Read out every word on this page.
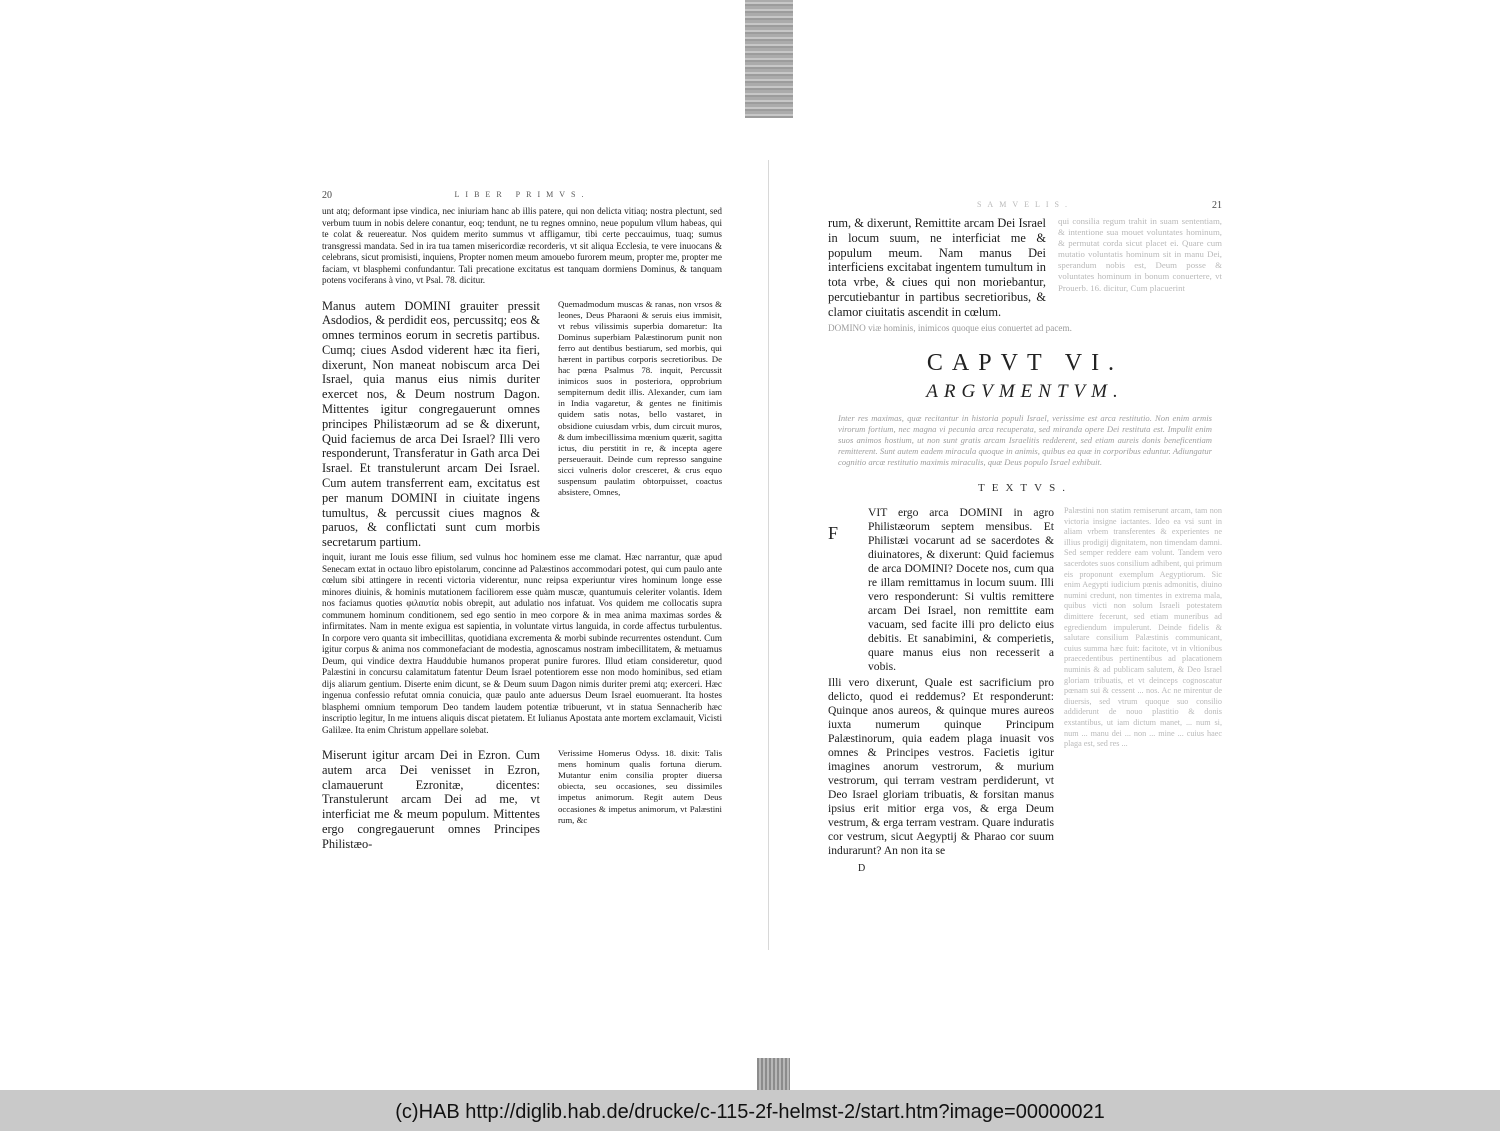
20	LIBER PRIMVS.

unt atq; deformant ipse vindica, nec iniuriam hanc ab illis patere, qui non delicta vitiaq; nostra plectunt, sed verbum tuum in nobis delere conantur, eoq; tendunt, ne tu regnes omnino, neue populum vllum habeas, qui te colat & reuereatur. Nos quidem merito summus vt affligamur, tibi certe peccauimus, tuaq; sumus transgressi mandata. Sed in ira tua tamen misericordiæ recorderis, vt sit aliqua Ecclesia, te vere inuocans & celebrans, sicut promisisti, inquiens, Propter nomen meum amouebo furorem meum, propter me, propter me faciam, vt blasphemi confundantur. Tali precatione excitatus est tanquam dormiens Dominus, & tanquam potens vociferans à vino, vt Psal. 78. dicitur.

Manus autem DOMINI grauiter pressit Asdodios, & perdidit eos, percussitq; eos & omnes terminos eorum in secretis partibus. Cumq; ciues Asdod viderent hæc ita fieri, dixerunt, Non maneat nobiscum arca Dei Israel, quia manus eius nimis duriter exercet nos, & Deum nostrum Dagon. Mittentes igitur congregauerunt omnes principes Philistæorum ad se & dixerunt, Quid faciemus de arca Dei Israel? Illi vero responderunt, Transferatur in Gath arca Dei Israel. Et transtulerunt arcam Dei Israel. Cum autem transferrent eam, excitatus est per manum DOMINI in ciuitate ingens tumultus, & percussit ciues magnos & paruos, & conflictati sunt cum morbis secretarum partium.

Quemadmodum muscas & ranas, non vrsos & leones, Deus Pharaoni & seruis eius immisit, vt rebus vilissimis superbia domaretur: Ita Dominus superbiam Palæstinorum punit non ferro aut dentibus bestiarum, sed morbis, qui hærent in partibus corporis secretioribus. De hac pœna Psalmus 78. inquit, Percussit inimicos suos in posteriora, opprobrium sempiternum dedit illis. Alexander, cum iam in India vagaretur, & gentes ne finitimis quidem satis notas, bello vastaret, in obsidione cuiusdam vrbis, dum circuit muros, & dum imbecillissima mœnium quærit, sagitta ictus, diu perstitit in re, & incepta agere perseuerauit. Deinde cum represso sanguine sicci vulneris dolor cresceret, & crus equo suspensum paulatim obtorpuisset, coactus absistere, Omnes,

inquit, iurant me Iouis esse filium, sed vulnus hoc hominem esse me clamat. Hæc narrantur, quæ apud Senecam extat in octauo libro epistolarum, concinne ad Palæstinos accommodari potest, qui cum paulo ante cœlum sibi attingere in recenti victoria viderentur, nunc reipsa experiuntur vires hominum longe esse minores diuinis, & hominis mutationem faciliorem esse quàm muscæ, quantumuis celeriter volantis. Idem nos faciamus quoties φιλαυτία nobis obrepit, aut adulatio nos infatuat. Vos quidem me collocatis supra communem hominum conditionem, sed ego sentio in meo corpore & in mea anima maximas sordes & infirmitates. Nam in mente exigua est sapientia, in voluntate virtus languida, in corde affectus turbulentus. In corpore vero quanta sit imbecillitas, quotidiana excrementa & morbi subinde recurrentes ostendunt. Cum igitur corpus & anima nos commonefaciant de modestia, agnoscamus nostram imbecillitatem, & metuamus Deum, qui vindice dextra Hauddubie humanos properat punire furores. Illud etiam consideretur, quod Palæstini in concursu calamitatum fatentur Deum Israel potentiorem esse non modo hominibus, sed etiam dijs aliarum gentium. Diserte enim dicunt, se & Deum suum Dagon nimis duriter premi atq; exerceri. Hæc ingenua confessio refutat omnia conuicia, quæ paulo ante aduersus Deum Israel euomuerant. Ita hostes blasphemi omnium temporum Deo tandem laudem potentiæ tribuerunt, vt in statua Sennacherib hæc inscriptio legitur, In me intuens aliquis discat pietatem. Et Iulianus Apostata ante mortem exclamauit, Vicisti Galilæe. Ita enim Christum appellare solebat.

Miserunt igitur arcam Dei in Ezron. Cum autem arca Dei venisset in Ezron, clamauerunt Ezronitæ, dicentes: Transtulerunt arcam Dei ad me, vt interficiat me & meum populum. Mittentes ergo congregauerunt omnes Principes Philistæo-

Verissime Homerus Odyss. 18. dixit: Talis mens hominum qualis fortuna dierum. Mutantur enim consilia propter diuersa obiecta, seu occasiones, seu dissimiles impetus animorum. Regit autem Deus occasiones & impetus animorum, vt Palæstini rum, &c

SAMVELIS.	21

rum, & dixerunt, Remittite arcam Dei Israel in locum suum, ne interficiat me & populum meum. Nam manus Dei interficiens excitabat ingentem tumultum in tota vrbe, & ciues qui non moriebantur, percutiebantur in partibus secretioribus, & clamor ciuitatis ascendit in cœlum.

qui consilia regum trahit in suam sententiam, & intentione sua mouet voluntates hominum, & permutat corda sicut placet ei. Quare cum mutatio voluntatis hominum sit in manu Dei, sperandum nobis est, Deum posse & voluntates hominum in bonum conuertere, vt Prouerb. 16. dicitur, Cum placuerint

DOMINO viæ hominis, inimicos quoque eius conuertet ad pacem.

CAPVT VI.

ARGVMENTVM.

Inter res maximas, quæ recitantur in historia populi Israel, verissime est arca restitutio. Non enim armis virorum fortium, nec magna vi pecunia arca recuperata, sed miranda opere Dei restituta est. Impulit enim suos animos hostium, ut non sunt gratis arcam Israelitis redderent, sed etiam aureis donis beneficentiam remitterent. Sunt autem eadem miracula quoque in animis, quibus ea quæ in corporibus eduntur. Adiungatur cognitio arcæ restitutio maximis miraculis, quæ Deus populo Israel exhibuit.

TEXTVS.

F

VIT ergo arca DOMINI in agro Philistæorum septem mensibus. Et Philistæi vocarunt ad se sacerdotes & diuinatores, & dixerunt: Quid faciemus de arca DOMINI? Docete nos, cum qua re illam remittamus in locum suum. Illi vero responderunt: Si vultis remittere arcam Dei Israel, non remittite eam vacuam, sed facite illi pro delicto eius debitis. Et sanabimini, & comperietis, quare manus eius non recesserit a vobis.

Illi vero dixerunt, Quale est sacrificium pro delicto, quod ei reddemus? Et responderunt: Quinque anos aureos, & quinque mures aureos iuxta numerum quinque Principum Palæstinorum, quia eadem plaga inuasit vos omnes & Principes vestros. Facietis igitur imagines anorum vestrorum, & murium vestrorum, qui terram vestram perdiderunt, vt Deo Israel gloriam tribuatis, & forsitan manus ipsius erit mitior erga vos, & erga Deum vestrum, & erga terram vestram. Quare induratis cor vestrum, sicut Aegyptij & Pharao cor suum indurarunt? An non ita se

Palæstini non statim remiserunt arcam, tam non victoria insigne iactantes. Ideo ea vsi sunt in aliam vrbem transferentes & experientes ne illius prodigij dignitatem, non timendam damni. Sed semper reddere eam volunt. Tandem vero sacerdotes suos consilium adhibent, qui primum eis proponunt exemplum Aegyptiorum. Sic enim Aegypti iudicium pœnis admonitis, diuino numini credunt, non timentes in extrema mala, quibus victi non solum Israeli potestatem dimittere fecerunt, sed etiam muneribus ad egrediendum impulerunt. Deinde fidelis & salutare consilium Palæstinis communicant, cuius summa hæc fuit: facitote, vt in vltionibus praecedentibus pertinentibus ad placationem numinis & ad publicam salutem, & Deo Israel gloriam tribuatis, et vt deinceps cognoscatur pœnam sui & cessent ... nos. Ac ne mirentur de diuersis, sed vtrum quoque suo consilio addiderunt de nouo plastitio & donis exstantibus, ut iam dictum manet, ... num si, num ... manu dei ... non ... mine ... cuius haec plaga est, sed res ...

D
(c)HAB http://diglib.hab.de/drucke/c-115-2f-helmst-2/start.htm?image=00000021
